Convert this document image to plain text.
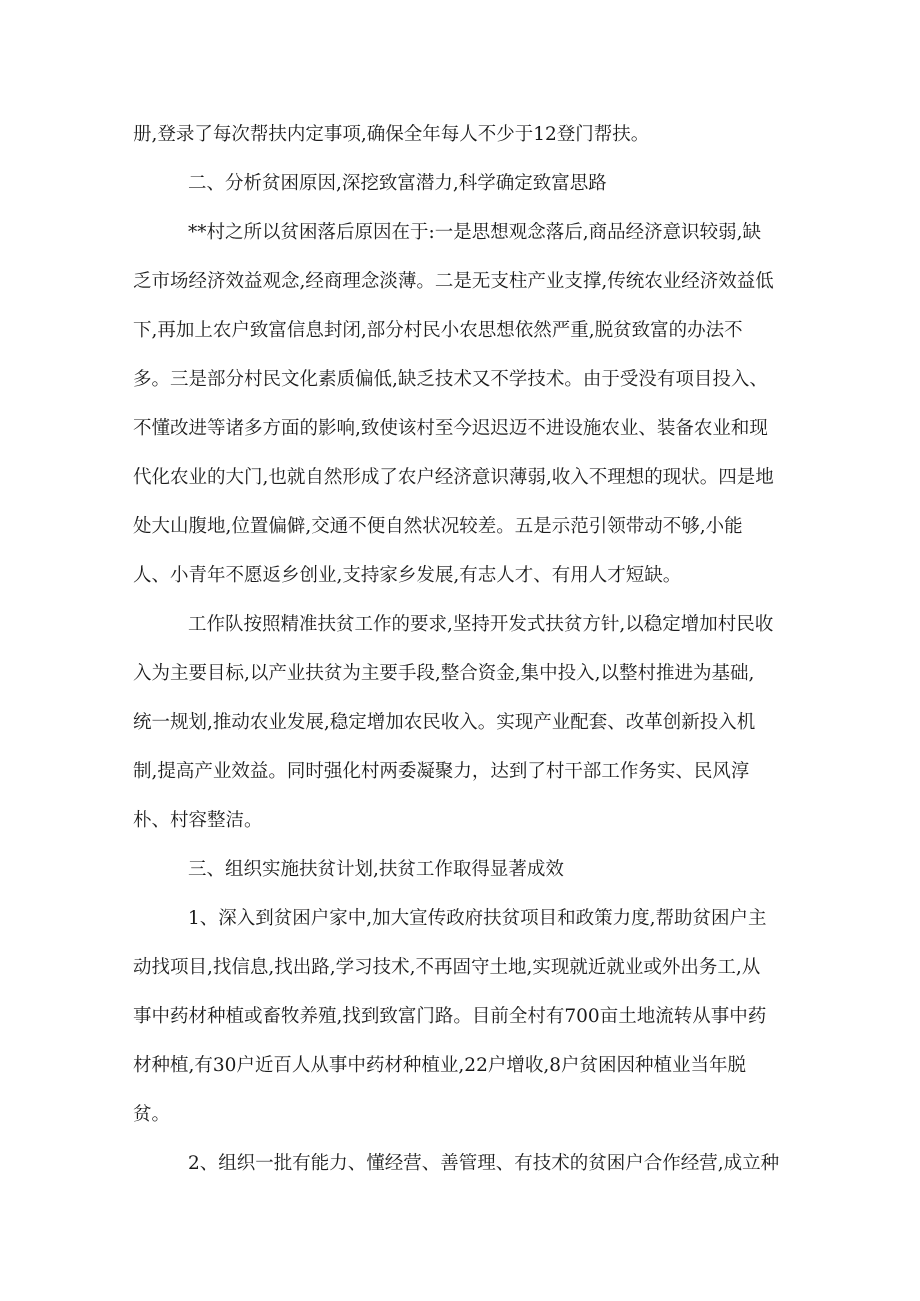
册,登录了每次帮扶内定事项,确保全年每人不少于12登门帮扶。
二、分析贫困原因,深挖致富潜力,科学确定致富思路
**村之所以贫困落后原因在于:一是思想观念落后,商品经济意识较弱,缺
乏市场经济效益观念,经商理念淡薄。二是无支柱产业支撑,传统农业经济效益低
下,再加上农户致富信息封闭,部分村民小农思想依然严重,脱贫致富的办法不
多。三是部分村民文化素质偏低,缺乏技术又不学技术。由于受没有项目投入、
不懂改进等诸多方面的影响,致使该村至今迟迟迈不进设施农业、装备农业和现
代化农业的大门,也就自然形成了农户经济意识薄弱,收入不理想的现状。四是地
处大山腹地,位置偏僻,交通不便自然状况较差。五是示范引领带动不够,小能
人、小青年不愿返乡创业,支持家乡发展,有志人才、有用人才短缺。
工作队按照精准扶贫工作的要求,坚持开发式扶贫方针,以稳定增加村民收
入为主要目标,以产业扶贫为主要手段,整合资金,集中投入,以整村推进为基础,
统一规划,推动农业发展,稳定增加农民收入。实现产业配套、改革创新投入机
制,提高产业效益。同时强化村两委凝聚力，达到了村干部工作务实、民风淳
朴、村容整洁。
三、组织实施扶贫计划,扶贫工作取得显著成效
1、深入到贫困户家中,加大宣传政府扶贫项目和政策力度,帮助贫困户主
动找项目,找信息,找出路,学习技术,不再固守土地,实现就近就业或外出务工,从
事中药材种植或畜牧养殖,找到致富门路。目前全村有700亩土地流转从事中药
材种植,有30户近百人从事中药材种植业,22户增收,8户贫困因种植业当年脱
贫。
2、组织一批有能力、懂经营、善管理、有技术的贫困户合作经营,成立种
